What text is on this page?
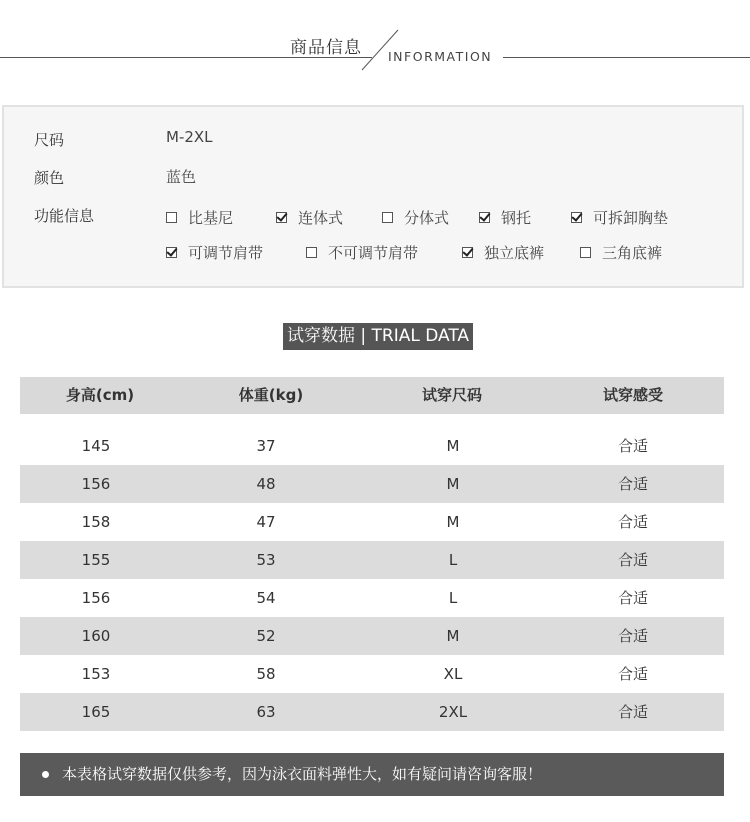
商品信息 INFORMATION
尺码	M-2XL
颜色	蓝色
功能信息	比基尼	连体式	分体式	钢托	可拆卸胸垫
可调节肩带	不可调节肩带	独立底裤	三角底裤
试穿数据 | TRIAL DATA
身高(cm)	体重(kg)	试穿尺码	试穿感受
145	37	M	合适
156	48	M	合适
158	47	M	合适
155	53	L	合适
156	54	L	合适
160	52	M	合适
153	58	XL	合适
165	63	2XL	合适
本表格试穿数据仅供参考，因为泳衣面料弹性大，如有疑问请咨询客服！
